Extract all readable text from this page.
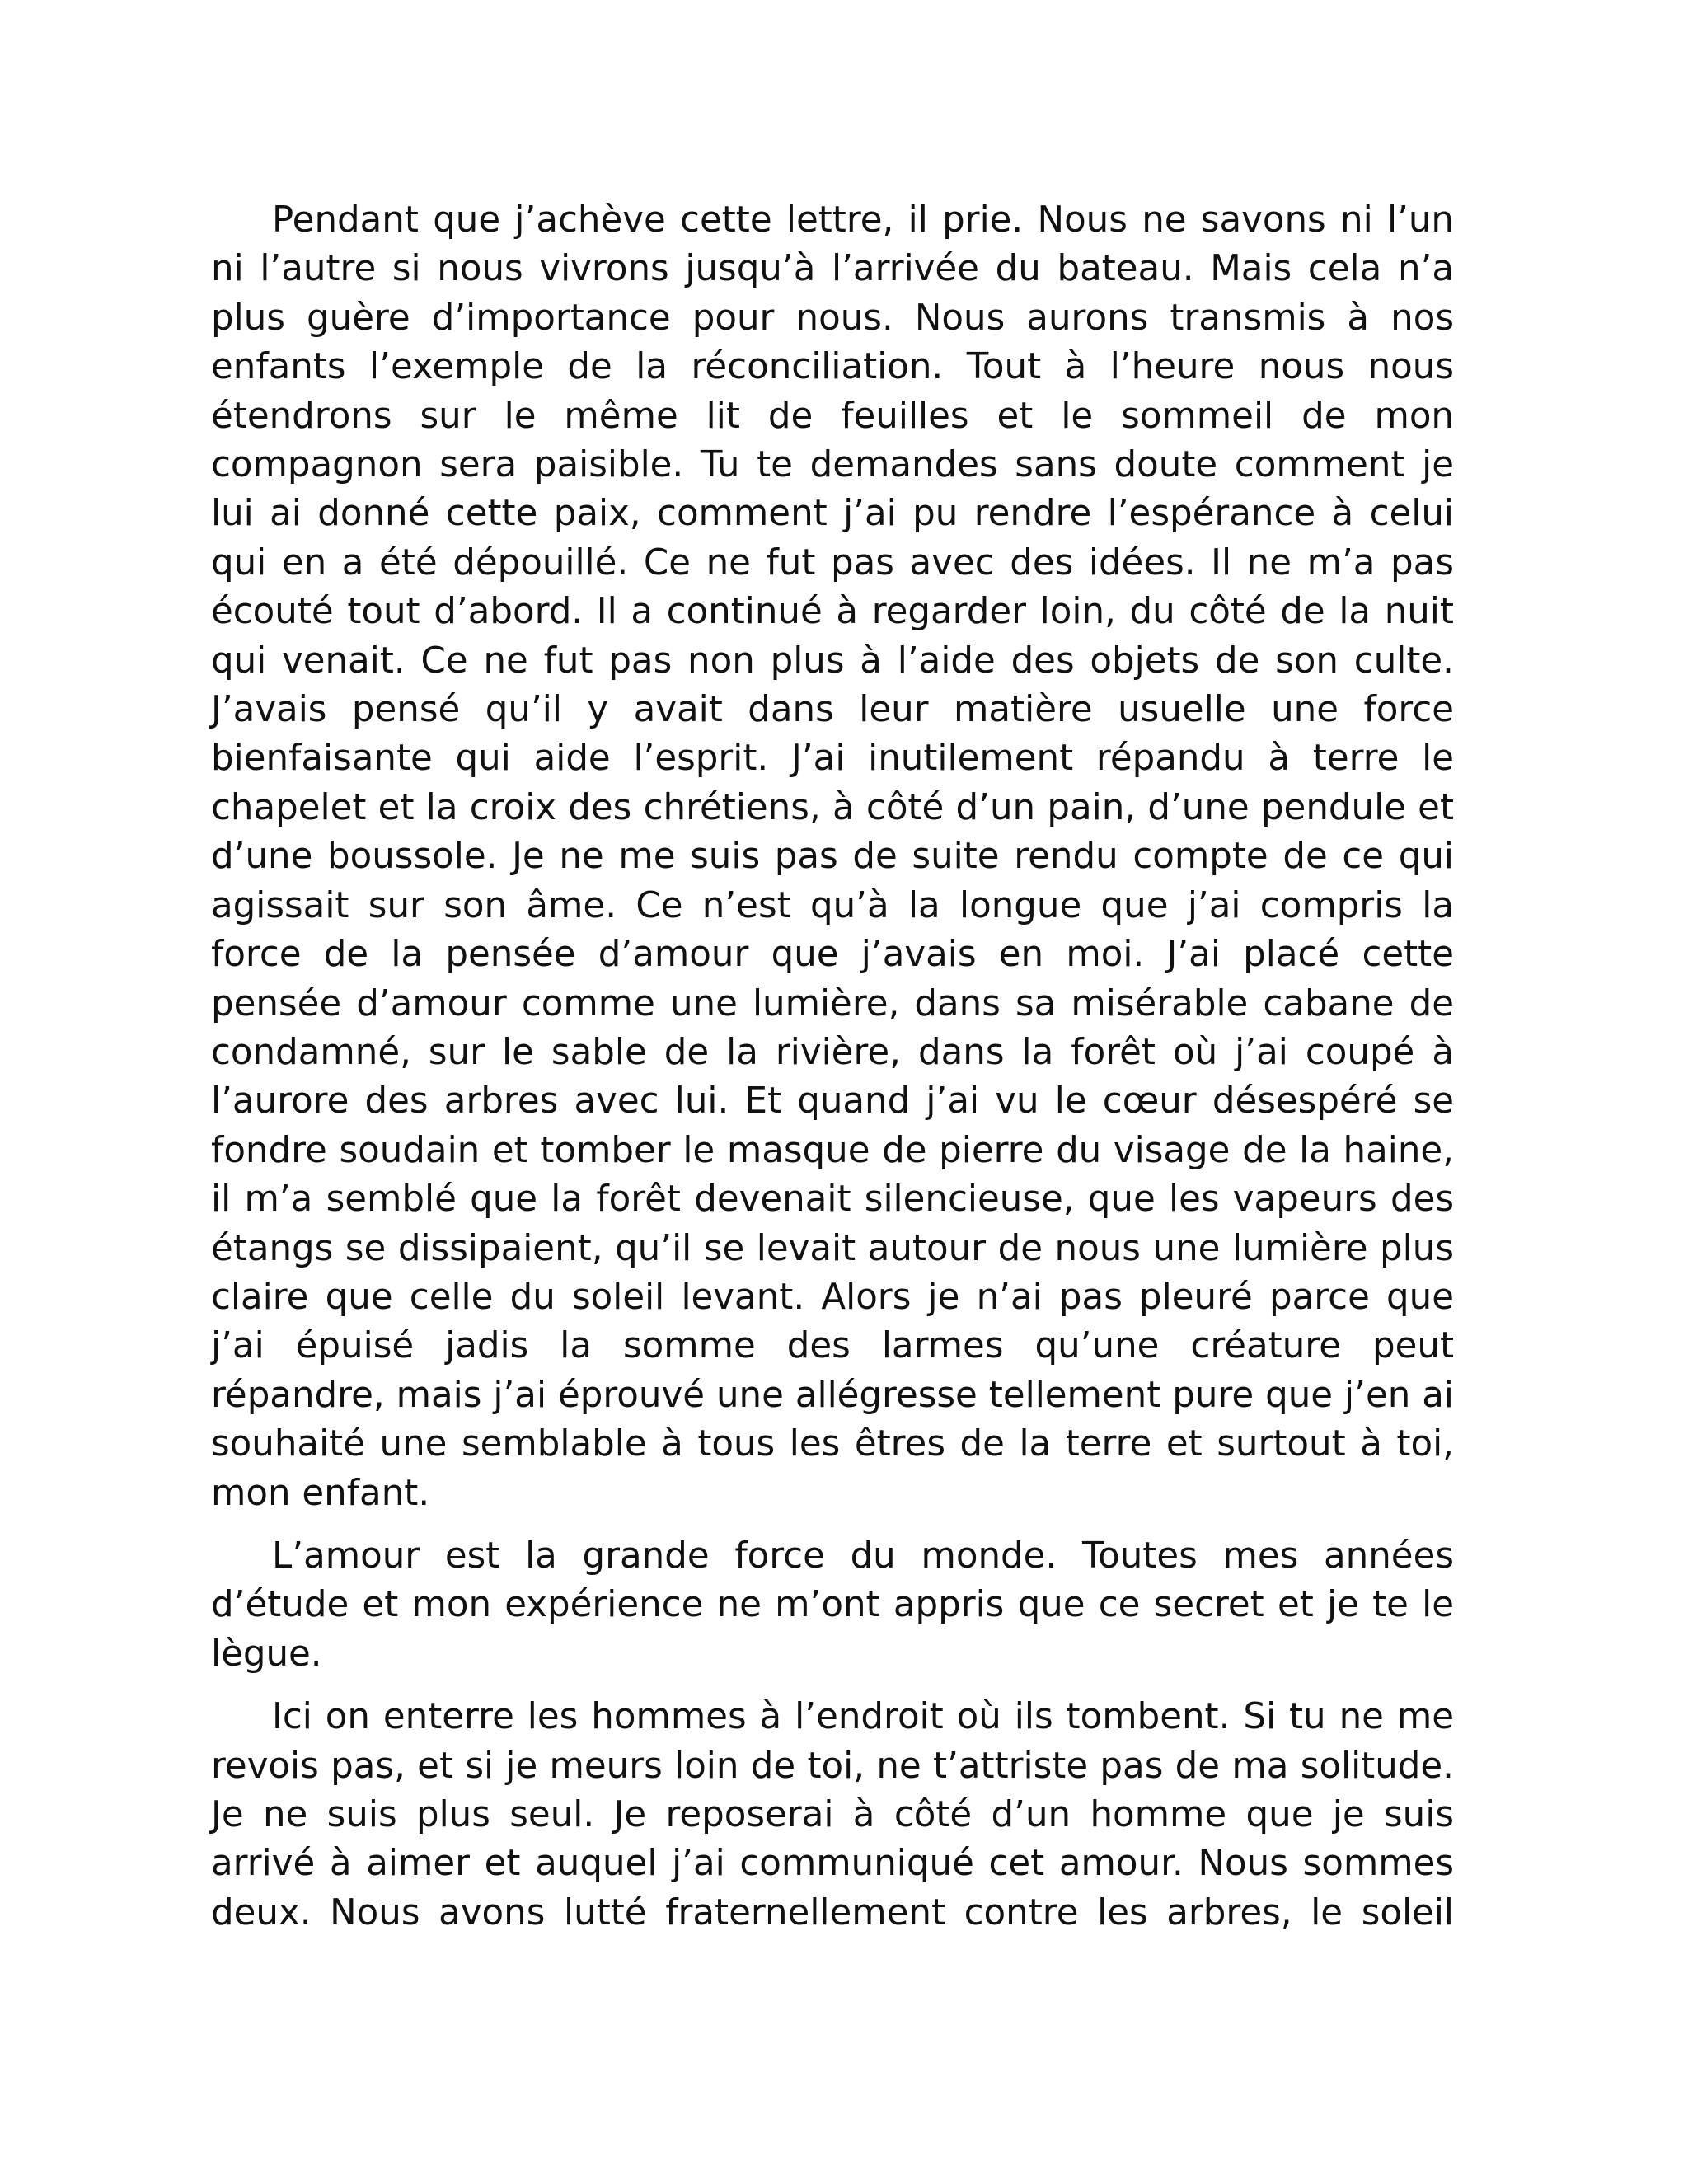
Pendant que j’achève cette lettre, il prie. Nous ne savons ni l’un ni l’autre si nous vivrons jusqu’à l’arrivée du bateau. Mais cela n’a plus guère d’importance pour nous. Nous aurons transmis à nos enfants l’exemple de la réconciliation. Tout à l’heure nous nous étendrons sur le même lit de feuilles et le sommeil de mon compagnon sera paisible. Tu te demandes sans doute comment je lui ai donné cette paix, comment j’ai pu rendre l’espérance à celui qui en a été dépouillé. Ce ne fut pas avec des idées. Il ne m’a pas écouté tout d’abord. Il a continué à regarder loin, du côté de la nuit qui venait. Ce ne fut pas non plus à l’aide des objets de son culte. J’avais pensé qu’il y avait dans leur matière usuelle une force bienfaisante qui aide l’esprit. J’ai inutilement répandu à terre le chapelet et la croix des chrétiens, à côté d’un pain, d’une pendule et d’une boussole. Je ne me suis pas de suite rendu compte de ce qui agissait sur son âme. Ce n’est qu’à la longue que j’ai compris la force de la pensée d’amour que j’avais en moi. J’ai placé cette pensée d’amour comme une lumière, dans sa misérable cabane de condamné, sur le sable de la rivière, dans la forêt où j’ai coupé à l’aurore des arbres avec lui. Et quand j’ai vu le cœur désespéré se fondre soudain et tomber le masque de pierre du visage de la haine, il m’a semblé que la forêt devenait silencieuse, que les vapeurs des étangs se dissipaient, qu’il se levait autour de nous une lumière plus claire que celle du soleil levant. Alors je n’ai pas pleuré parce que j’ai épuisé jadis la somme des larmes qu’une créature peut répandre, mais j’ai éprouvé une allégresse tellement pure que j’en ai souhaité une semblable à tous les êtres de la terre et surtout à toi, mon enfant.

L’amour est la grande force du monde. Toutes mes années d’étude et mon expérience ne m’ont appris que ce secret et je te le lègue.

Ici on enterre les hommes à l’endroit où ils tombent. Si tu ne me revois pas, et si je meurs loin de toi, ne t’attriste pas de ma solitude. Je ne suis plus seul. Je reposerai à côté d’un homme que je suis arrivé à aimer et auquel j’ai communiqué cet amour. Nous sommes deux. Nous avons lutté fraternellement contre les arbres, le soleil
